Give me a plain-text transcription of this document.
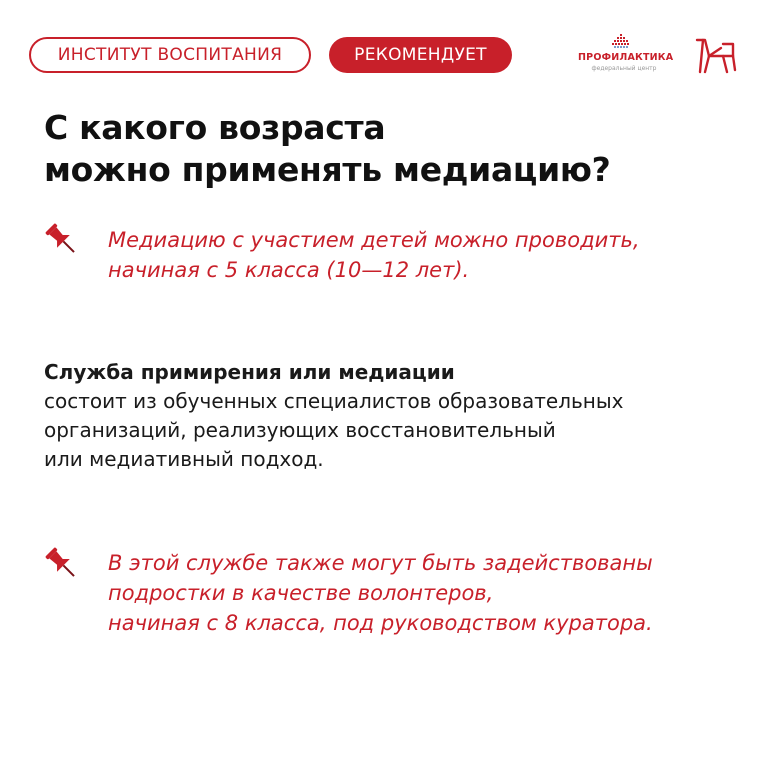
ИНСТИТУТ ВОСПИТАНИЯ	РЕКОМЕНДУЕТ	ПРОФИЛАКТИКА
федеральный центр
С какого возраста
можно применять медиацию?

Медиацию с участием детей можно проводить,
начиная с 5 класса (10—12 лет).

Служба примирения или медиации
состоит из обученных специалистов образовательных
организаций, реализующих восстановительный
или медиативный подход.

В этой службе также могут быть задействованы
подростки в качестве волонтеров,
начиная с 8 класса, под руководством куратора.
